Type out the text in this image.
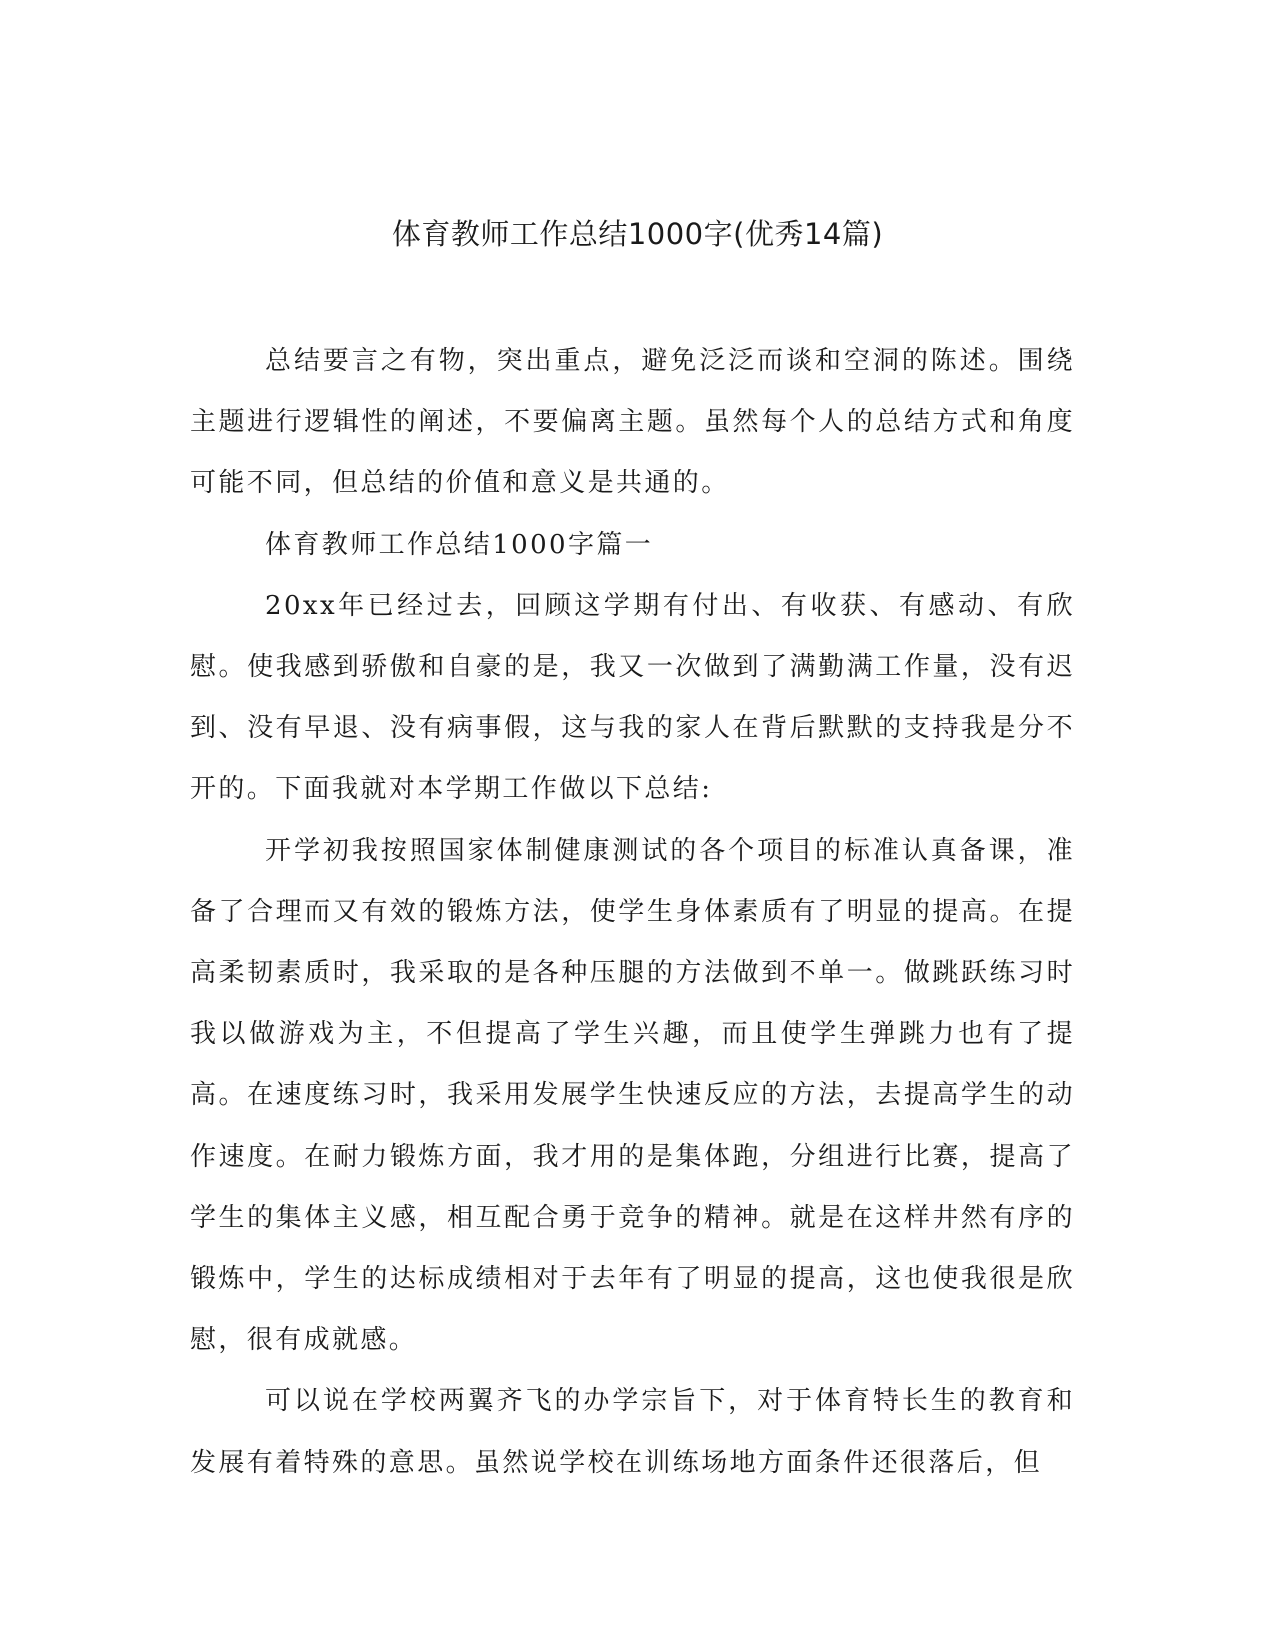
体育教师工作总结1000字(优秀14篇)

总结要言之有物，突出重点，避免泛泛而谈和空洞的陈述。围绕主题进行逻辑性的阐述，不要偏离主题。虽然每个人的总结方式和角度可能不同，但总结的价值和意义是共通的。

体育教师工作总结1000字篇一

20xx年已经过去，回顾这学期有付出、有收获、有感动、有欣慰。使我感到骄傲和自豪的是，我又一次做到了满勤满工作量，没有迟到、没有早退、没有病事假，这与我的家人在背后默默的支持我是分不开的。下面我就对本学期工作做以下总结:

开学初我按照国家体制健康测试的各个项目的标准认真备课，准备了合理而又有效的锻炼方法，使学生身体素质有了明显的提高。在提高柔韧素质时，我采取的是各种压腿的方法做到不单一。做跳跃练习时我以做游戏为主，不但提高了学生兴趣，而且使学生弹跳力也有了提高。在速度练习时，我采用发展学生快速反应的方法，去提高学生的动作速度。在耐力锻炼方面，我才用的是集体跑，分组进行比赛，提高了学生的集体主义感，相互配合勇于竞争的精神。就是在这样井然有序的锻炼中，学生的达标成绩相对于去年有了明显的提高，这也使我很是欣慰，很有成就感。

可以说在学校两翼齐飞的办学宗旨下，对于体育特长生的教育和发展有着特殊的意思。虽然说学校在训练场地方面条件还很落后，但
